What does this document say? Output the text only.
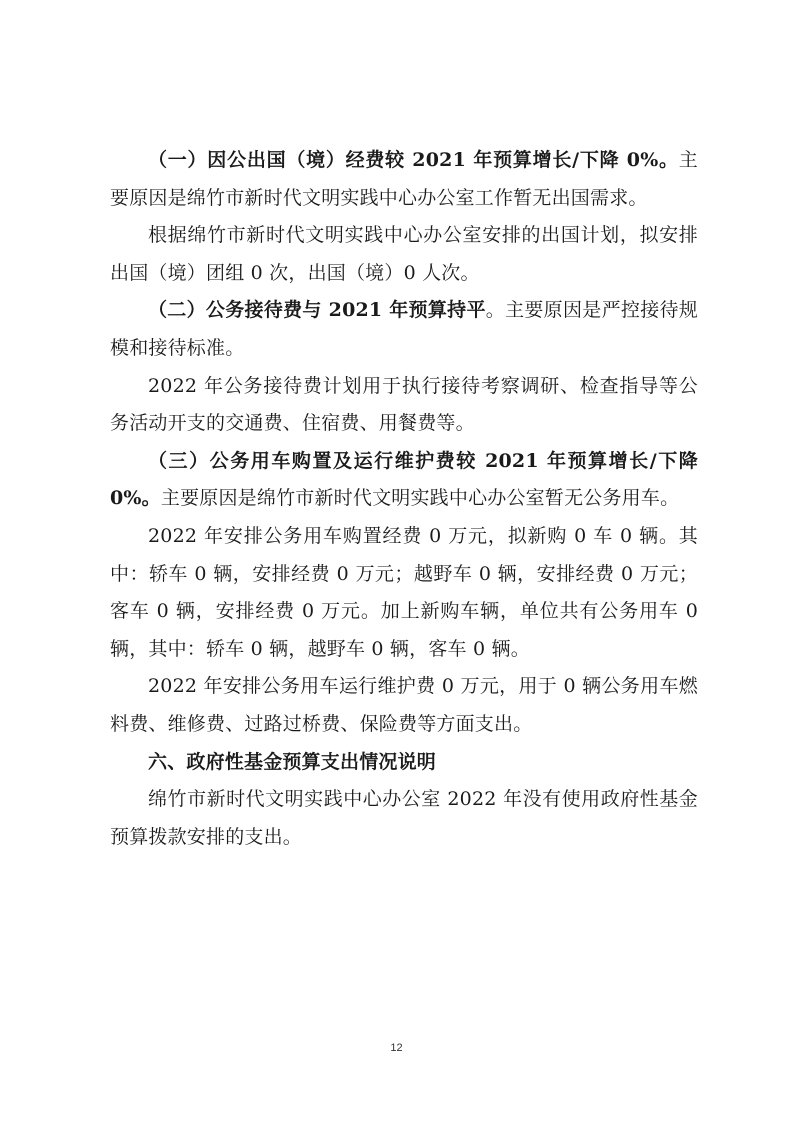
（一）因公出国（境）经费较 2021 年预算增长/下降 0%。主要原因是绵竹市新时代文明实践中心办公室工作暂无出国需求。

根据绵竹市新时代文明实践中心办公室安排的出国计划，拟安排出国（境）团组 0 次，出国（境）0 人次。

（二）公务接待费与 2021 年预算持平。主要原因是严控接待规模和接待标准。

2022 年公务接待费计划用于执行接待考察调研、检查指导等公务活动开支的交通费、住宿费、用餐费等。

（三）公务用车购置及运行维护费较 2021 年预算增长/下降 0%。主要原因是绵竹市新时代文明实践中心办公室暂无公务用车。

2022 年安排公务用车购置经费 0 万元，拟新购 0 车 0 辆。其中：轿车 0 辆，安排经费 0 万元；越野车 0 辆，安排经费 0 万元；客车 0 辆，安排经费 0 万元。加上新购车辆，单位共有公务用车 0 辆，其中：轿车 0 辆，越野车 0 辆，客车 0 辆。

2022 年安排公务用车运行维护费 0 万元，用于 0 辆公务用车燃料费、维修费、过路过桥费、保险费等方面支出。

六、政府性基金预算支出情况说明

绵竹市新时代文明实践中心办公室 2022 年没有使用政府性基金预算拨款安排的支出。

12
